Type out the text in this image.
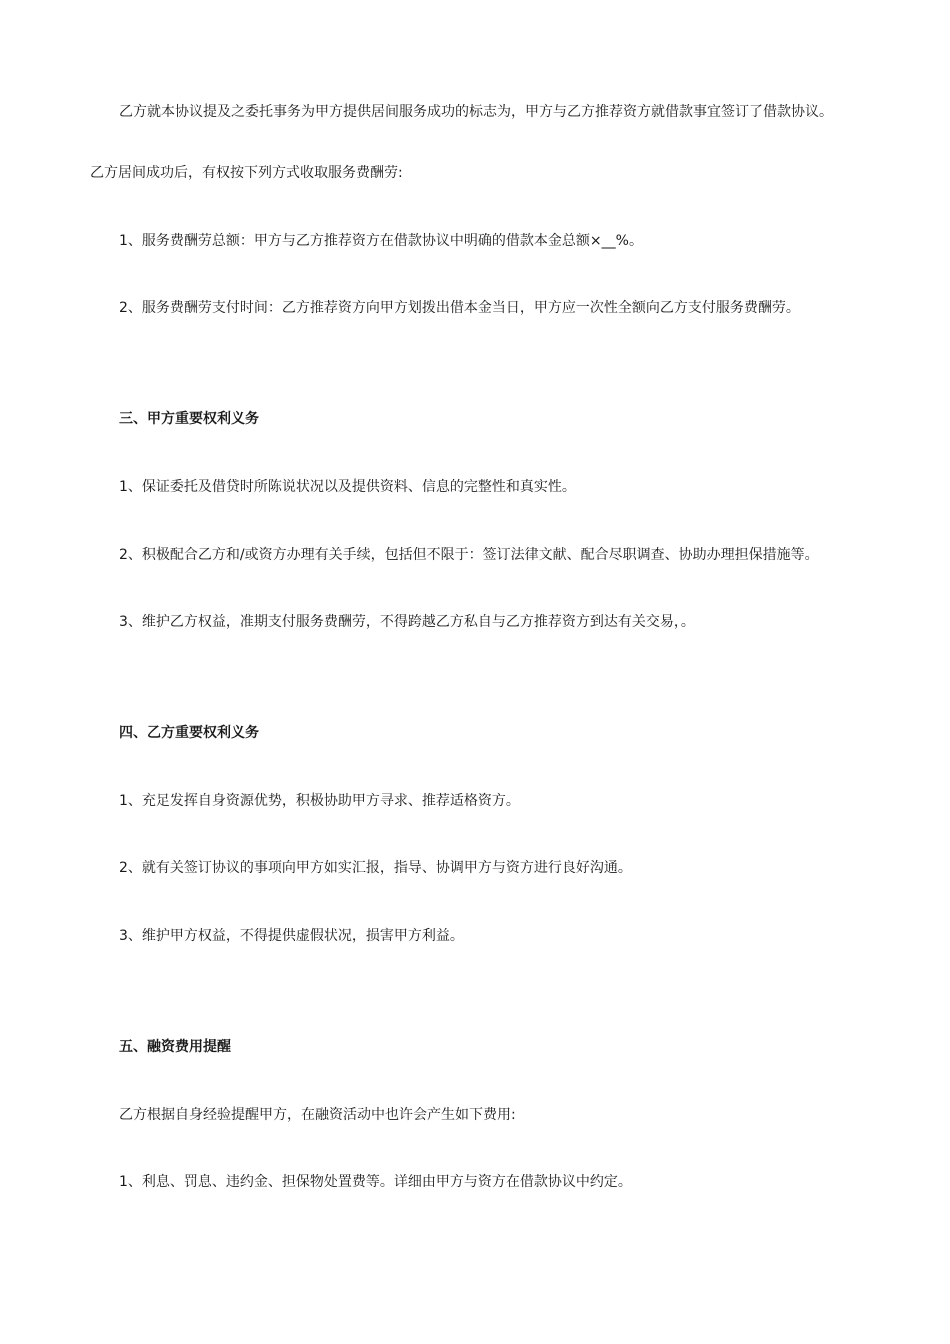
乙方就本协议提及之委托事务为甲方提供居间服务成功的标志为，甲方与乙方推荐资方就借款事宜签订了借款协议。
乙方居间成功后，有权按下列方式收取服务费酬劳:
1、服务费酬劳总额：甲方与乙方推荐资方在借款协议中明确的借款本金总额×__%。
2、服务费酬劳支付时间：乙方推荐资方向甲方划拨出借本金当日，甲方应一次性全额向乙方支付服务费酬劳。
三、甲方重要权利义务
1、保证委托及借贷时所陈说状况以及提供资料、信息的完整性和真实性。
2、积极配合乙方和/或资方办理有关手续，包括但不限于：签订法律文献、配合尽职调查、协助办理担保措施等。
3、维护乙方权益，准期支付服务费酬劳，不得跨越乙方私自与乙方推荐资方到达有关交易，。
四、乙方重要权利义务
1、充足发挥自身资源优势，积极协助甲方寻求、推荐适格资方。
2、就有关签订协议的事项向甲方如实汇报，指导、协调甲方与资方进行良好沟通。
3、维护甲方权益，不得提供虚假状况，损害甲方利益。
五、融资费用提醒
乙方根据自身经验提醒甲方，在融资活动中也许会产生如下费用:
1、利息、罚息、违约金、担保物处置费等。详细由甲方与资方在借款协议中约定。
